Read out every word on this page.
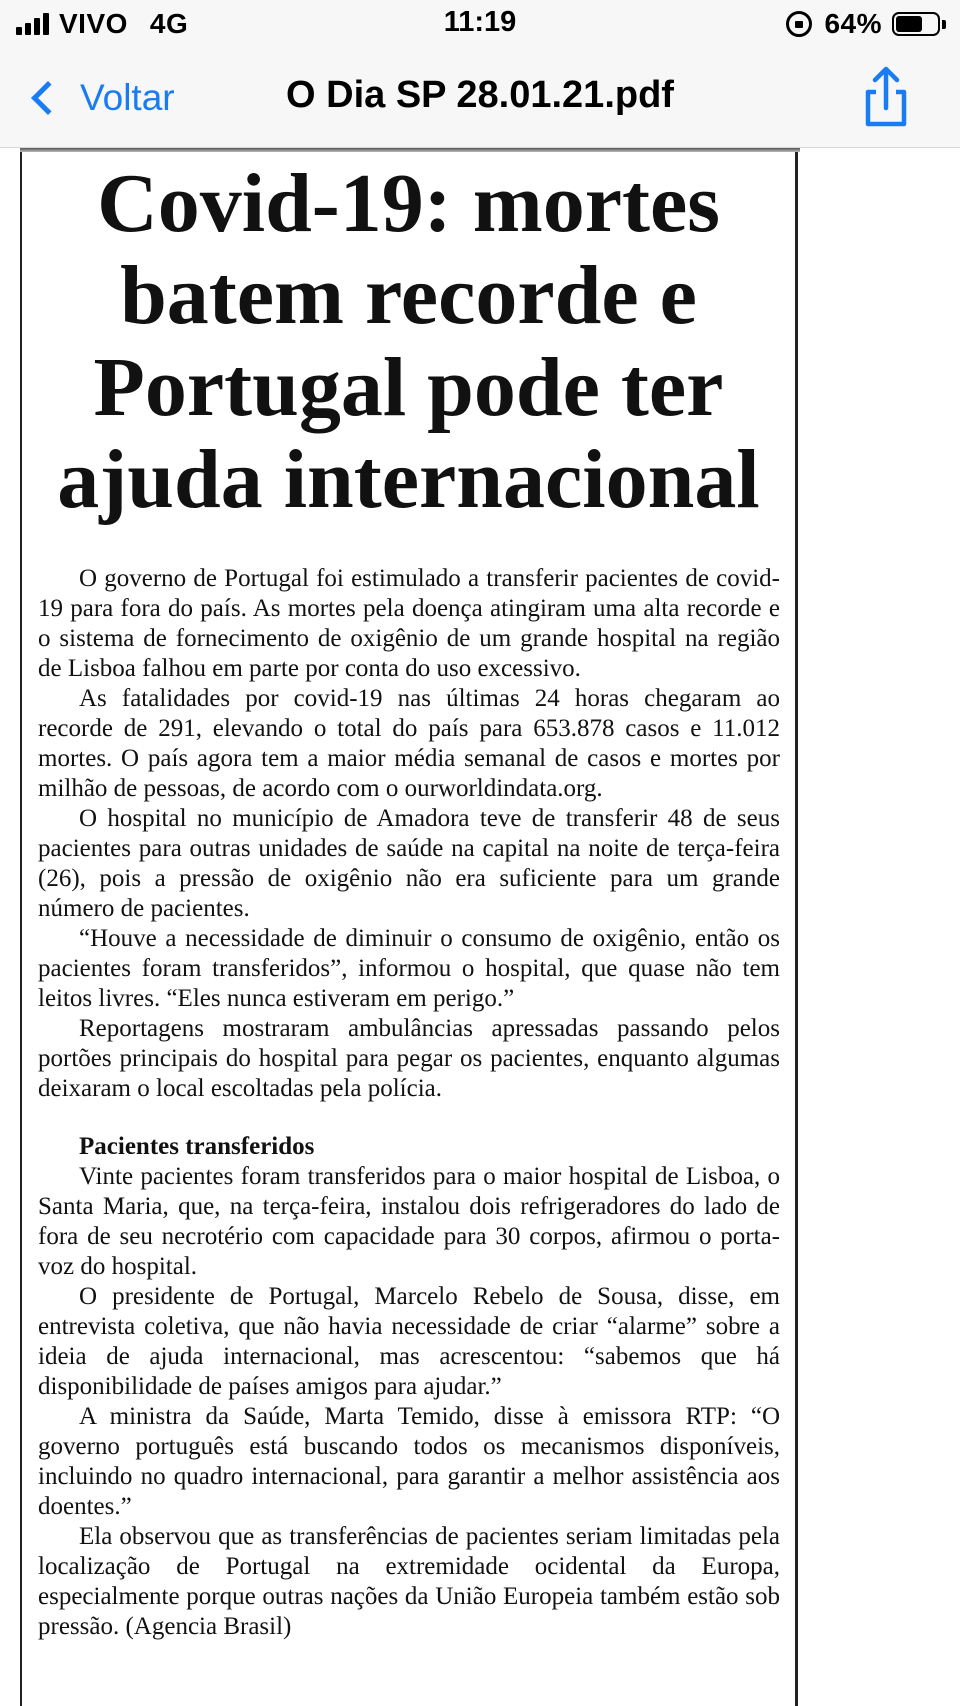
VIVO 4G	11:19	64%
Voltar	O Dia SP 28.01.21.pdf
Covid-19: mortes batem recorde e Portugal pode ter ajuda internacional

O governo de Portugal foi estimulado a transferir pacientes de covid-19 para fora do país. As mortes pela doença atingiram uma alta recorde e o sistema de fornecimento de oxigênio de um grande hospital na região de Lisboa falhou em parte por conta do uso excessivo.

As fatalidades por covid-19 nas últimas 24 horas chegaram ao recorde de 291, elevando o total do país para 653.878 casos e 11.012 mortes. O país agora tem a maior média semanal de casos e mortes por milhão de pessoas, de acordo com o ourworldindata.org.

O hospital no município de Amadora teve de transferir 48 de seus pacientes para outras unidades de saúde na capital na noite de terça-feira (26), pois a pressão de oxigênio não era suficiente para um grande número de pacientes.

“Houve a necessidade de diminuir o consumo de oxigênio, então os pacientes foram transferidos”, informou o hospital, que quase não tem leitos livres. “Eles nunca estiveram em perigo.”

Reportagens mostraram ambulâncias apressadas passando pelos portões principais do hospital para pegar os pacientes, enquanto algumas deixaram o local escoltadas pela polícia.

Pacientes transferidos

Vinte pacientes foram transferidos para o maior hospital de Lisboa, o Santa Maria, que, na terça-feira, instalou dois refrigeradores do lado de fora de seu necrotério com capacidade para 30 corpos, afirmou o porta-voz do hospital.

O presidente de Portugal, Marcelo Rebelo de Sousa, disse, em entrevista coletiva, que não havia necessidade de criar “alarme” sobre a ideia de ajuda internacional, mas acrescentou: “sabemos que há disponibilidade de países amigos para ajudar.”

A ministra da Saúde, Marta Temido, disse à emissora RTP: “O governo português está buscando todos os mecanismos disponíveis, incluindo no quadro internacional, para garantir a melhor assistência aos doentes.”

Ela observou que as transferências de pacientes seriam limitadas pela localização de Portugal na extremidade ocidental da Europa, especialmente porque outras nações da União Europeia também estão sob pressão. (Agencia Brasil)
